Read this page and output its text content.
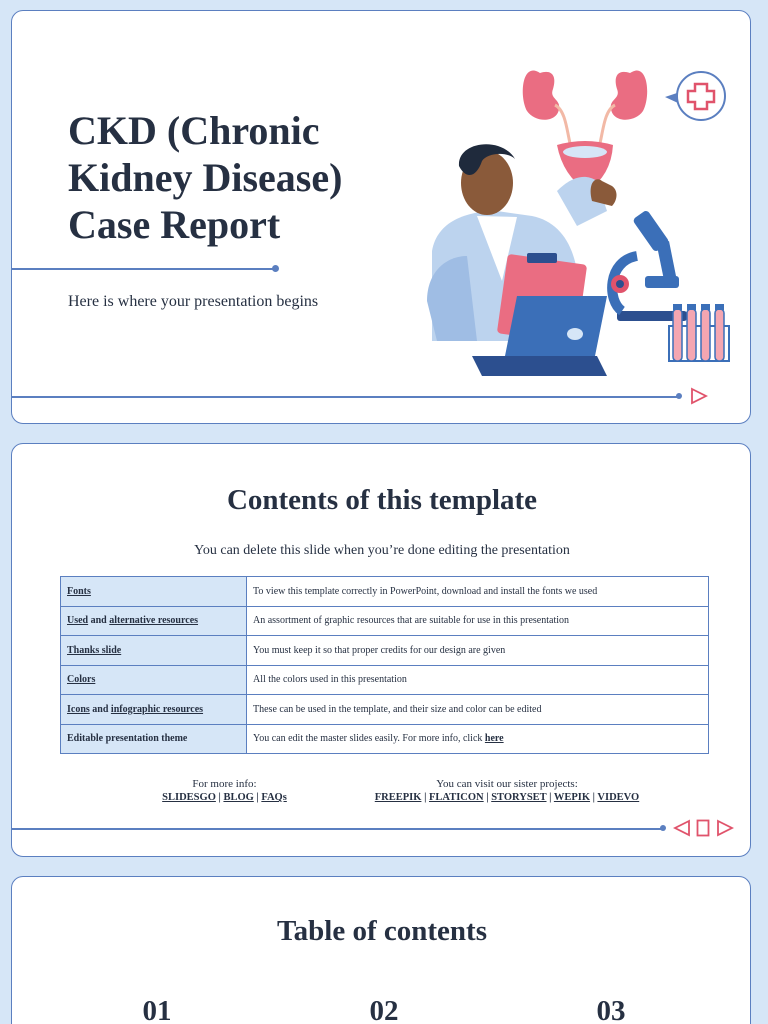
CKD (Chronic
Kidney Disease)
Case Report
Here is where your presentation begins
Contents of this template
You can delete this slide when you’re done editing the presentation
Fonts	To view this template correctly in PowerPoint, download and install the fonts we used
Used and alternative resources	An assortment of graphic resources that are suitable for use in this presentation
Thanks slide	You must keep it so that proper credits for our design are given
Colors	All the colors used in this presentation
Icons and infographic resources	These can be used in the template, and their size and color can be edited
Editable presentation theme	You can edit the master slides easily. For more info, click here
For more info:
SLIDESGO | BLOG | FAQs
You can visit our sister projects:
FREEPIK | FLATICON | STORYSET | WEPIK | VIDEVO
Table of contents
01	02	03
